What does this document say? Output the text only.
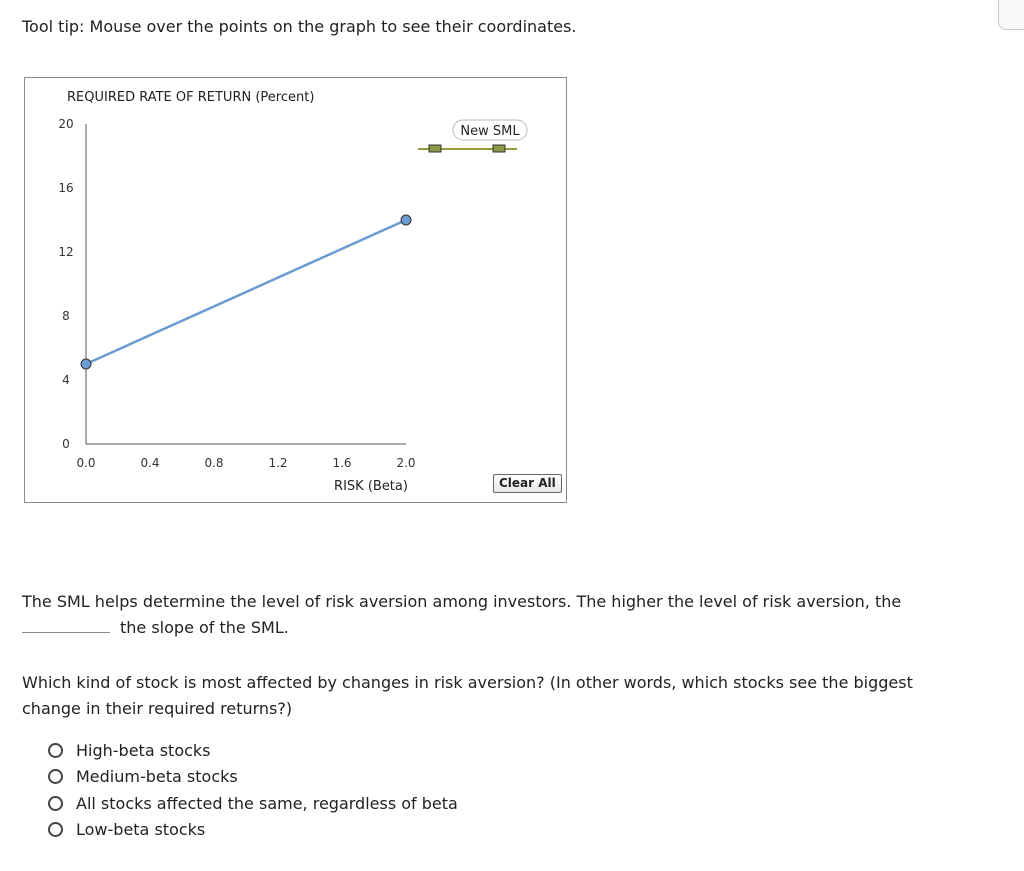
Tool tip: Mouse over the points on the graph to see their coordinates.
REQUIRED RATE OF RETURN (Percent)
0
4
8
12
16
20
0.0	0.4	0.8	1.2	1.6	2.0
RISK (Beta)
New SML
Clear All
The SML helps determine the level of risk aversion among investors. The higher the level of risk aversion, the
the slope of the SML.
Which kind of stock is most affected by changes in risk aversion? (In other words, which stocks see the biggest change in their required returns?)
High-beta stocks
Medium-beta stocks
All stocks affected the same, regardless of beta
Low-beta stocks
